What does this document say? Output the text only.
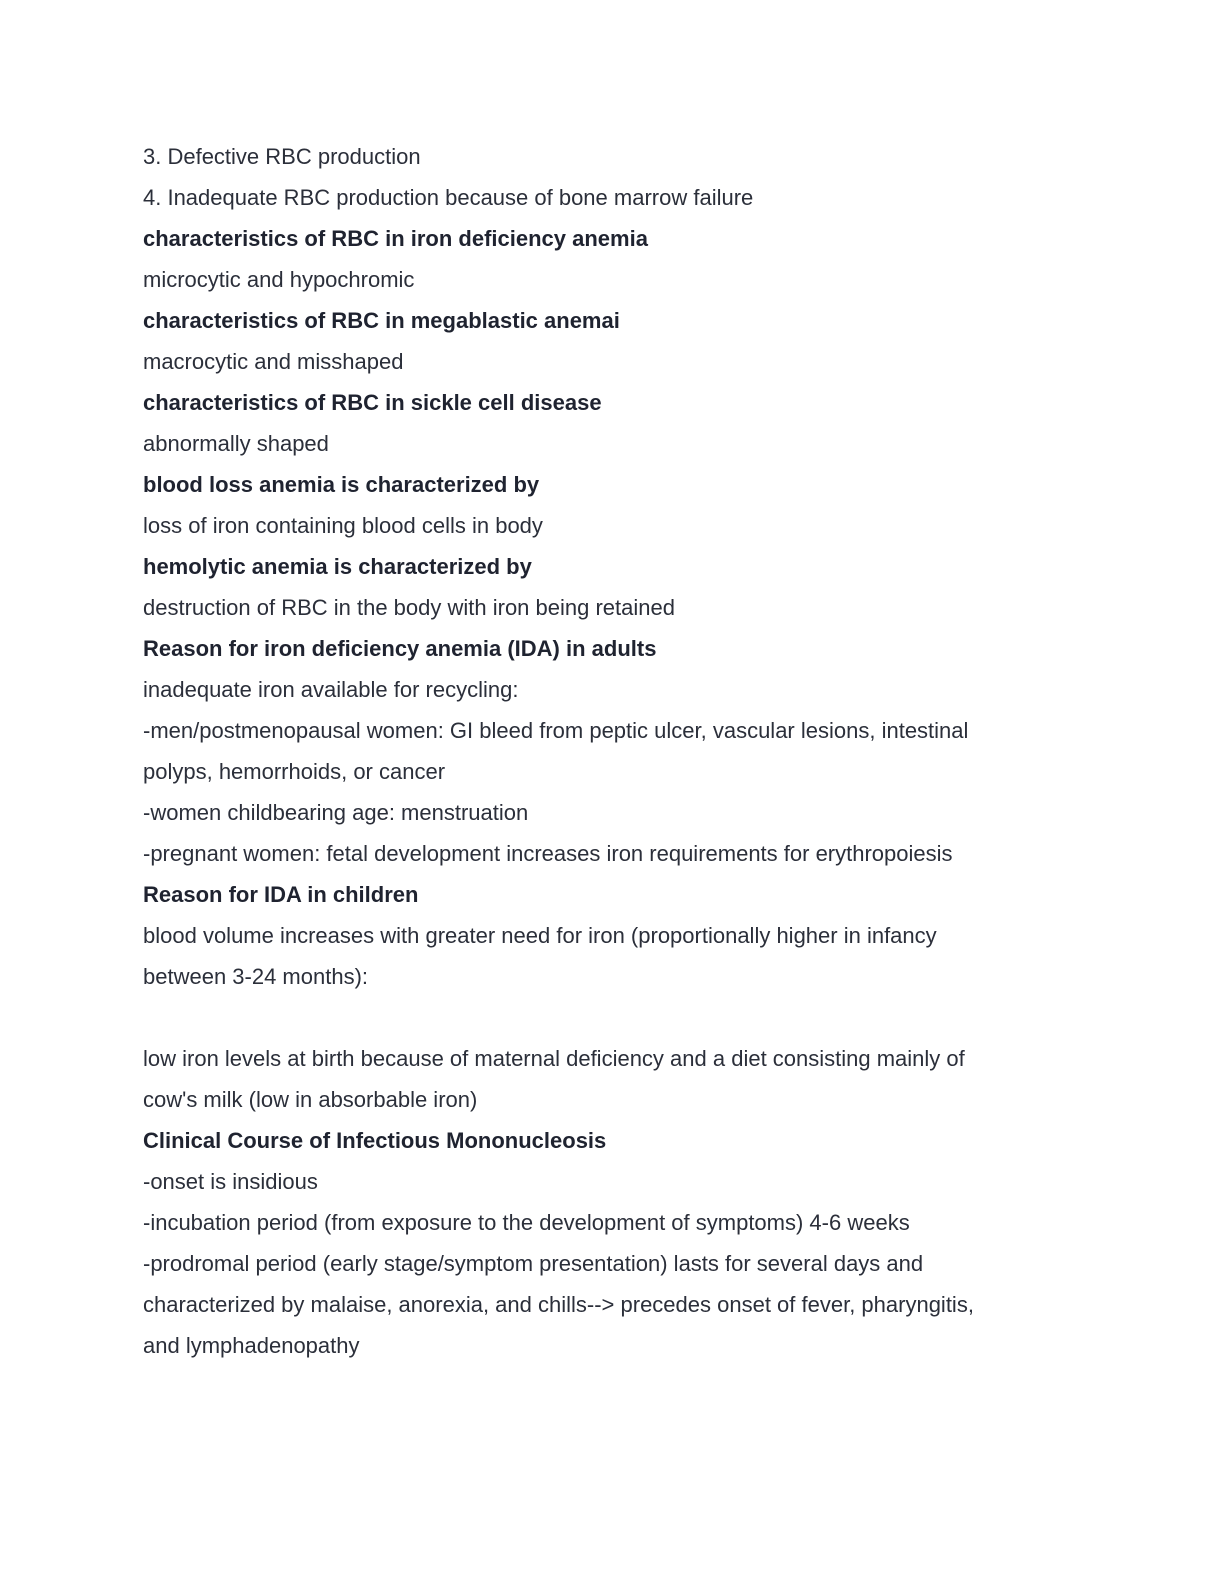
3. Defective RBC production
4. Inadequate RBC production because of bone marrow failure
characteristics of RBC in iron deficiency anemia
microcytic and hypochromic
characteristics of RBC in megablastic anemai
macrocytic and misshaped
characteristics of RBC in sickle cell disease
abnormally shaped
blood loss anemia is characterized by
loss of iron containing blood cells in body
hemolytic anemia is characterized by
destruction of RBC in the body with iron being retained
Reason for iron deficiency anemia (IDA) in adults
inadequate iron available for recycling:
-men/postmenopausal women: GI bleed from peptic ulcer, vascular lesions, intestinal
polyps, hemorrhoids, or cancer
-women childbearing age: menstruation
-pregnant women: fetal development increases iron requirements for erythropoiesis
Reason for IDA in children
blood volume increases with greater need for iron (proportionally higher in infancy
between 3-24 months):
low iron levels at birth because of maternal deficiency and a diet consisting mainly of
cow's milk (low in absorbable iron)
Clinical Course of Infectious Mononucleosis
-onset is insidious
-incubation period (from exposure to the development of symptoms) 4-6 weeks
-prodromal period (early stage/symptom presentation) lasts for several days and
characterized by malaise, anorexia, and chills--> precedes onset of fever, pharyngitis,
and lymphadenopathy
